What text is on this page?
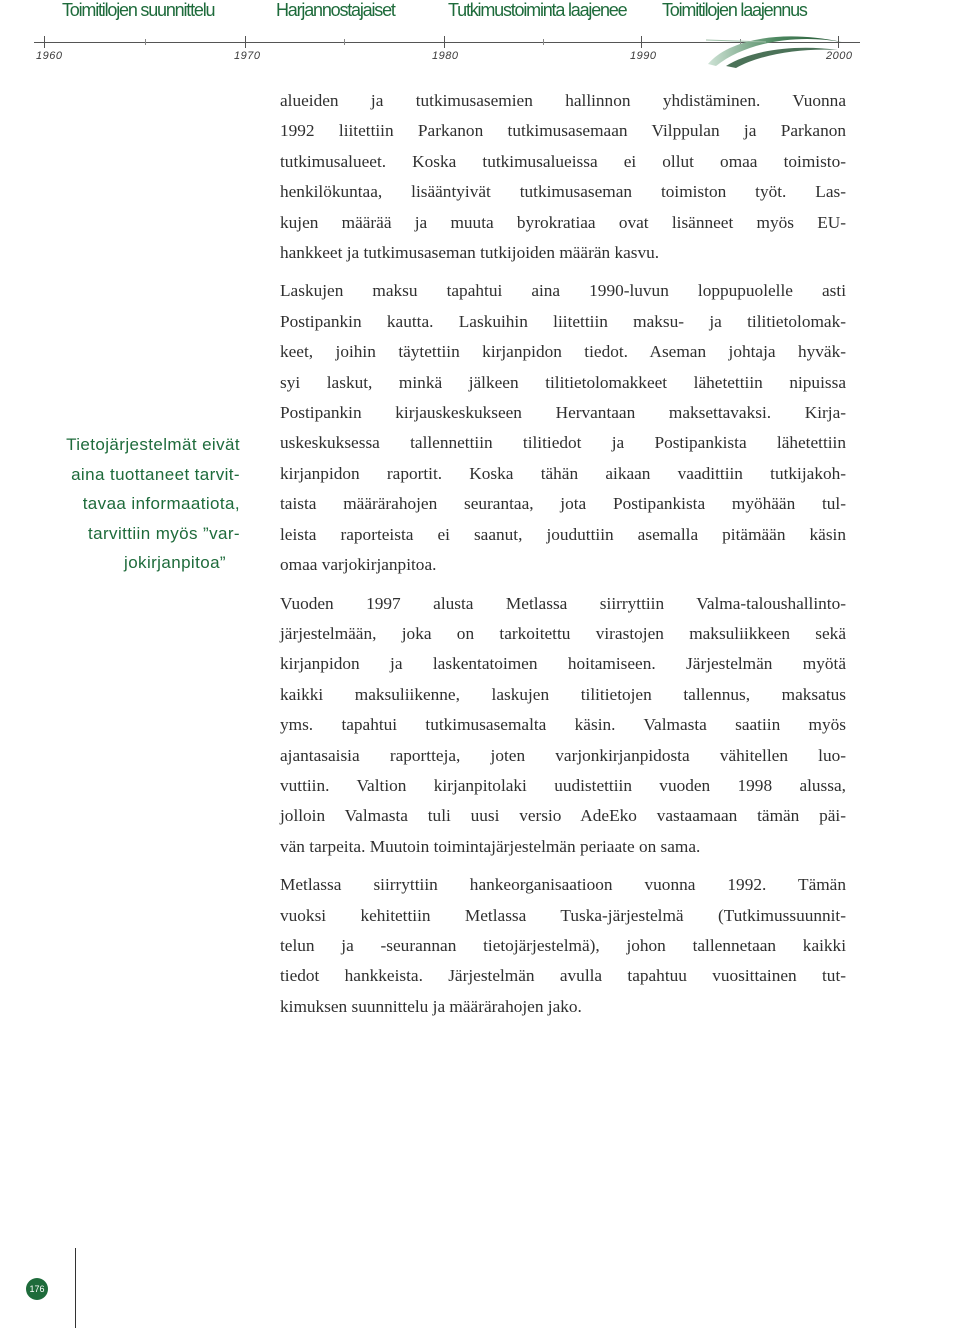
Toimitilojen suunnittelu	Harjannostajaiset	Tutkimustoiminta laajenee Toimitilojen laajennus
1960	1970	1980	1990	2000

alueiden ja tutkimusasemien hallinnon yhdistäminen. Vuonna
1992 liitettiin Parkanon tutkimusasemaan Vilppulan ja Parkanon
tutkimusalueet. Koska tutkimusalueissa ei ollut omaa toimisto-
henkilökuntaa, lisääntyivät tutkimusaseman toimiston työt. Las-
kujen määrää ja muuta byrokratiaa ovat lisänneet myös EU-
hankkeet ja tutkimusaseman tutkijoiden määrän kasvu.

Laskujen maksu tapahtui aina 1990-luvun loppupuolelle asti
Postipankin kautta. Laskuihin liitettiin maksu- ja tilitietolomak-
keet, joihin täytettiin kirjanpidon tiedot. Aseman johtaja hyväk-
syi laskut, minkä jälkeen tilitietolomakkeet lähetettiin nipuissa
Postipankin kirjauskeskukseen Hervantaan maksettavaksi. Kirja-
uskeskuksessa tallennettiin tilitiedot ja Postipankista lähetettiin
kirjanpidon raportit. Koska tähän aikaan vaadittiin tutkijakoh-
taista määrärahojen seurantaa, jota Postipankista myöhään tul-
leista raporteista ei saanut, jouduttiin asemalla pitämään käsin
omaa varjokirjanpitoa.

Vuoden 1997 alusta Metlassa siirryttiin Valma-taloushallinto-
järjestelmään, joka on tarkoitettu virastojen maksuliikkeen sekä
kirjanpidon ja laskentatoimen hoitamiseen. Järjestelmän myötä
kaikki maksuliikenne, laskujen tilitietojen tallennus, maksatus
yms. tapahtui tutkimusasemalta käsin. Valmasta saatiin myös
ajantasaisia raportteja, joten varjonkirjanpidosta vähitellen luo-
vuttiin. Valtion kirjanpitolaki uudistettiin vuoden 1998 alussa,
jolloin Valmasta tuli uusi versio AdeEko vastaamaan tämän päi-
vän tarpeita. Muutoin toimintajärjestelmän periaate on sama.

Metlassa siirryttiin hankeorganisaatioon vuonna 1992. Tämän
vuoksi kehitettiin Metlassa Tuska-järjestelmä (Tutkimussuunnit-
telun ja -seurannan tietojärjestelmä), johon tallennetaan kaikki
tiedot hankkeista. Järjestelmän avulla tapahtuu vuosittainen tut-
kimuksen suunnittelu ja määrärahojen jako.

Tietojärjestelmät eivät
aina tuottaneet tarvit-
tavaa informaatiota,
tarvittiin myös ”var-
jokirjanpitoa”
176
